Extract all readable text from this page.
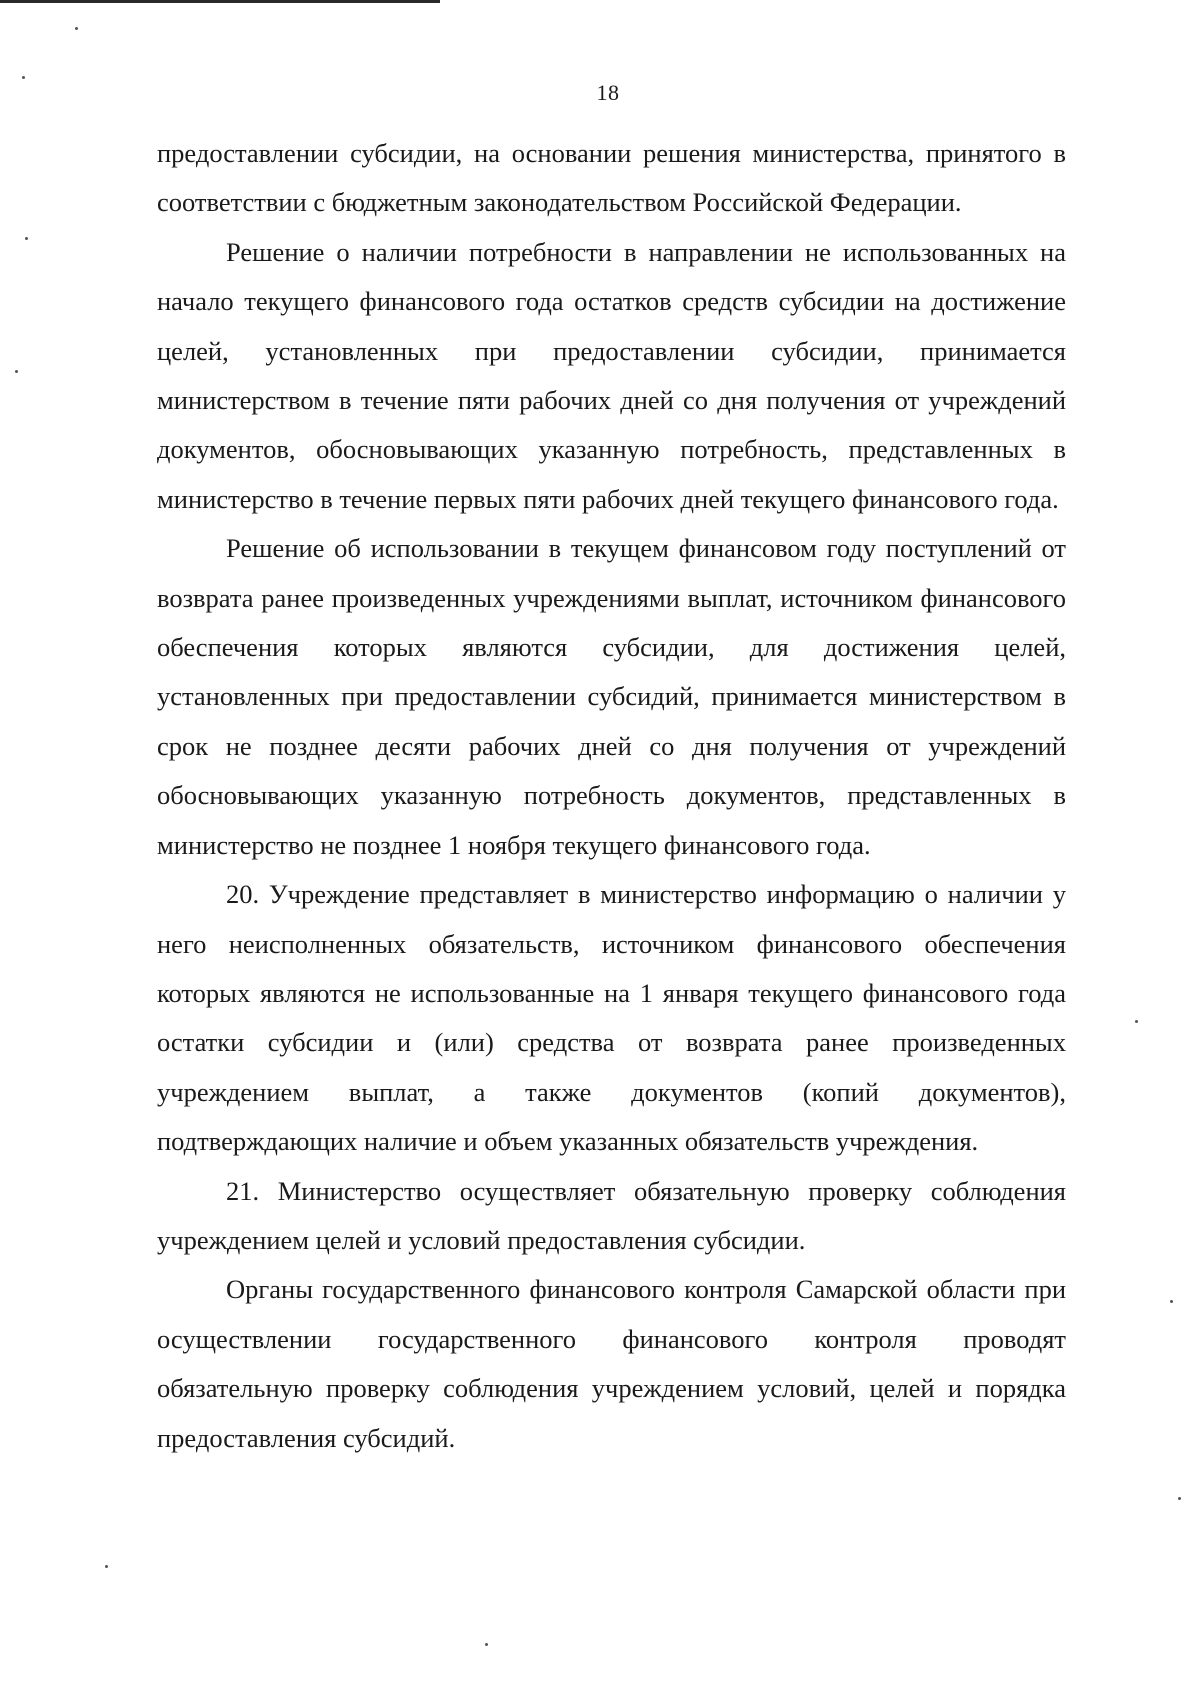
18

предоставлении субсидии, на основании решения министерства, принятого в соответствии с бюджетным законодательством Российской Федерации.

Решение о наличии потребности в направлении не использованных на начало текущего финансового года остатков средств субсидии на достижение целей, установленных при предоставлении субсидии, принимается министерством в течение пяти рабочих дней со дня получения от учреждений документов, обосновывающих указанную потребность, представленных в министерство в течение первых пяти рабочих дней текущего финансового года.

Решение об использовании в текущем финансовом году поступлений от возврата ранее произведенных учреждениями выплат, источником финансового обеспечения которых являются субсидии, для достижения целей, установленных при предоставлении субсидий, принимается министерством в срок не позднее десяти рабочих дней со дня получения от учреждений обосновывающих указанную потребность документов, представленных в министерство не позднее 1 ноября текущего финансового года.

20. Учреждение представляет в министерство информацию о наличии у него неисполненных обязательств, источником финансового обеспечения которых являются не использованные на 1 января текущего финансового года остатки субсидии и (или) средства от возврата ранее произведенных учреждением выплат, а также документов (копий документов), подтверждающих наличие и объем указанных обязательств учреждения.

21. Министерство осуществляет обязательную проверку соблюдения учреждением целей и условий предоставления субсидии.

Органы государственного финансового контроля Самарской области при осуществлении государственного финансового контроля проводят обязательную проверку соблюдения учреждением условий, целей и порядка предоставления субсидий.
